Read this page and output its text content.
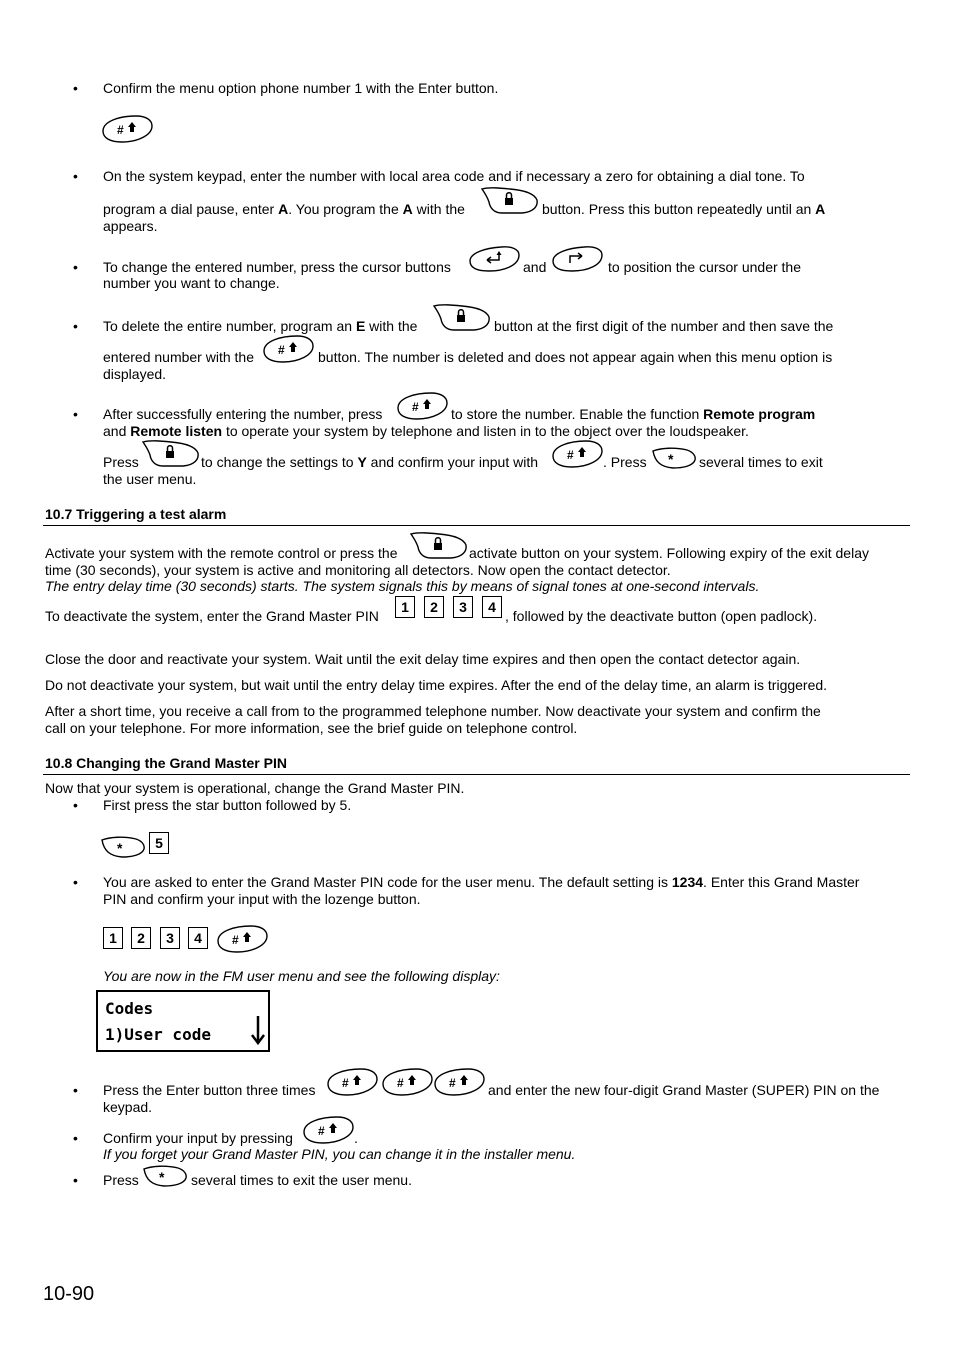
• Confirm the menu option phone number 1 with the Enter button.
• On the system keypad, enter the number with local area code and if necessary a zero for obtaining a dial tone. To
program a dial pause, enter A. You program the A with the	button. Press this button repeatedly until an A
appears.
• To change the entered number, press the cursor buttons	and	to position the cursor under the
number you want to change.
• To delete the entire number, program an E with the	button at the first digit of the number and then save the
entered number with the	button. The number is deleted and does not appear again when this menu option is
displayed.
• After successfully entering the number, press	to store the number. Enable the function Remote program
and Remote listen to operate your system by telephone and listen in to the object over the loudspeaker.
Press	to change the settings to Y and confirm your input with	. Press	several times to exit
the user menu.
10.7 Triggering a test alarm
Activate your system with the remote control or press the	activate button on your system. Following expiry of the exit delay
time (30 seconds), your system is active and monitoring all detectors. Now open the contact detector.
The entry delay time (30 seconds) starts. The system signals this by means of signal tones at one-second intervals.
To deactivate the system, enter the Grand Master PIN
1	2	3	4
, followed by the deactivate button (open padlock).
Close the door and reactivate your system. Wait until the exit delay time expires and then open the contact detector again.
Do not deactivate your system, but wait until the entry delay time expires. After the end of the delay time, an alarm is triggered.
After a short time, you receive a call from to the programmed telephone number. Now deactivate your system and confirm the
call on your telephone. For more information, see the brief guide on telephone control.
10.8 Changing the Grand Master PIN
Now that your system is operational, change the Grand Master PIN.
• First press the star button followed by 5.
5
• You are asked to enter the Grand Master PIN code for the user menu. The default setting is 1234. Enter this Grand Master
PIN and confirm your input with the lozenge button.
1	2	3	4
You are now in the FM user menu and see the following display:
Codes
1)User code
• Press the Enter button three times	and enter the new four-digit Grand Master (SUPER) PIN on the
keypad.
• Confirm your input by pressing	.
If you forget your Grand Master PIN, you can change it in the installer menu.
• Press	several times to exit the user menu.
10-90
